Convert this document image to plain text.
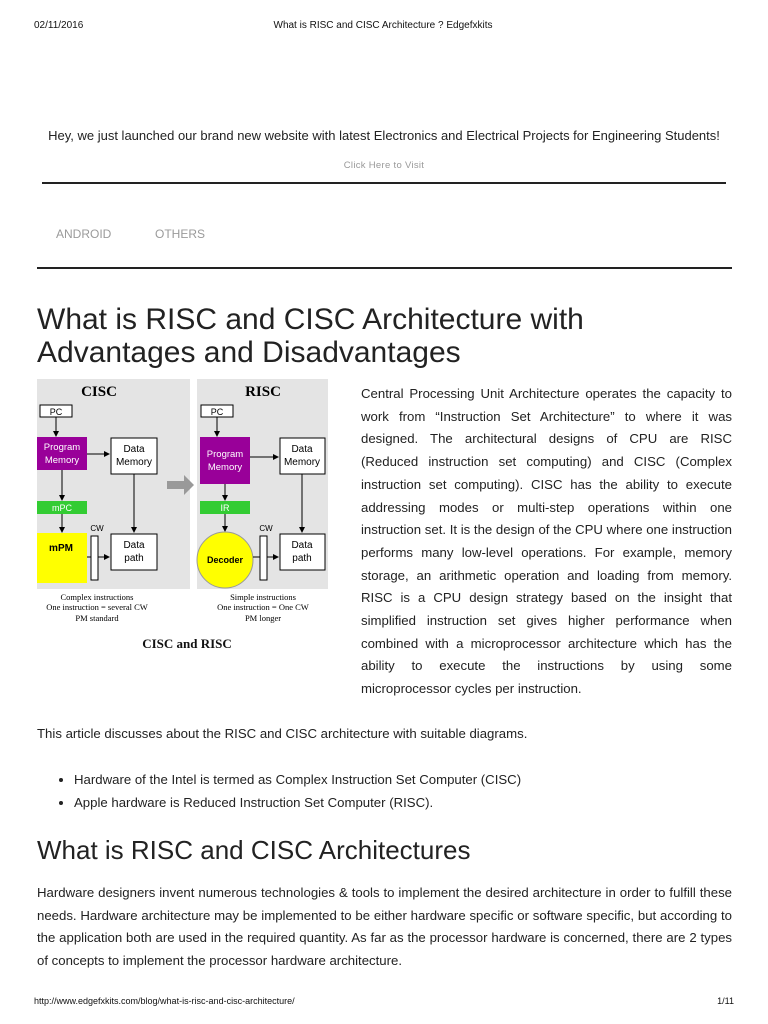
02/11/2016	What is RISC and CISC Architecture ? Edgefxkits
Hey, we just launched our brand new website with latest Electronics and Electrical Projects for Engineering Students!
Click Here to Visit
ANDROID	OTHERS
What is RISC and CISC Architecture with Advantages and Disadvantages
CISC
PC
Program
Memory
Data
Memory
mPC
mPM
CW
Data
path
Complex instructions
One instruction = several CW
PM standard
RISC
PC
Program
Memory
Data
Memory
IR
Decoder
CW
Data
path
Simple instructions
One instruction = One CW
PM longer
CISC and RISC

Central Processing Unit Architecture operates the capacity to work from “Instruction Set Architecture” to where it was designed. The architectural designs of CPU are RISC (Reduced instruction set computing) and CISC (Complex instruction set computing). CISC has the ability to execute addressing modes or multi-step operations within one instruction set. It is the design of the CPU where one instruction performs many low-level operations. For example, memory storage, an arithmetic operation and loading from memory. RISC is a CPU design strategy based on the insight that simplified instruction set gives higher performance when combined with a microprocessor architecture which has the ability to execute the instructions by using some microprocessor cycles per instruction.

This article discusses about the RISC and CISC architecture with suitable diagrams.

• Hardware of the Intel is termed as Complex Instruction Set Computer (CISC)
• Apple hardware is Reduced Instruction Set Computer (RISC).
What is RISC and CISC Architectures

Hardware designers invent numerous technologies & tools to implement the desired architecture in order to fulfill these needs. Hardware architecture may be implemented to be either hardware specific or software specific, but according to the application both are used in the required quantity. As far as the processor hardware is concerned, there are 2 types of concepts to implement the processor hardware architecture.

http://www.edgefxkits.com/blog/what-is-risc-and-cisc-architecture/	1/11
